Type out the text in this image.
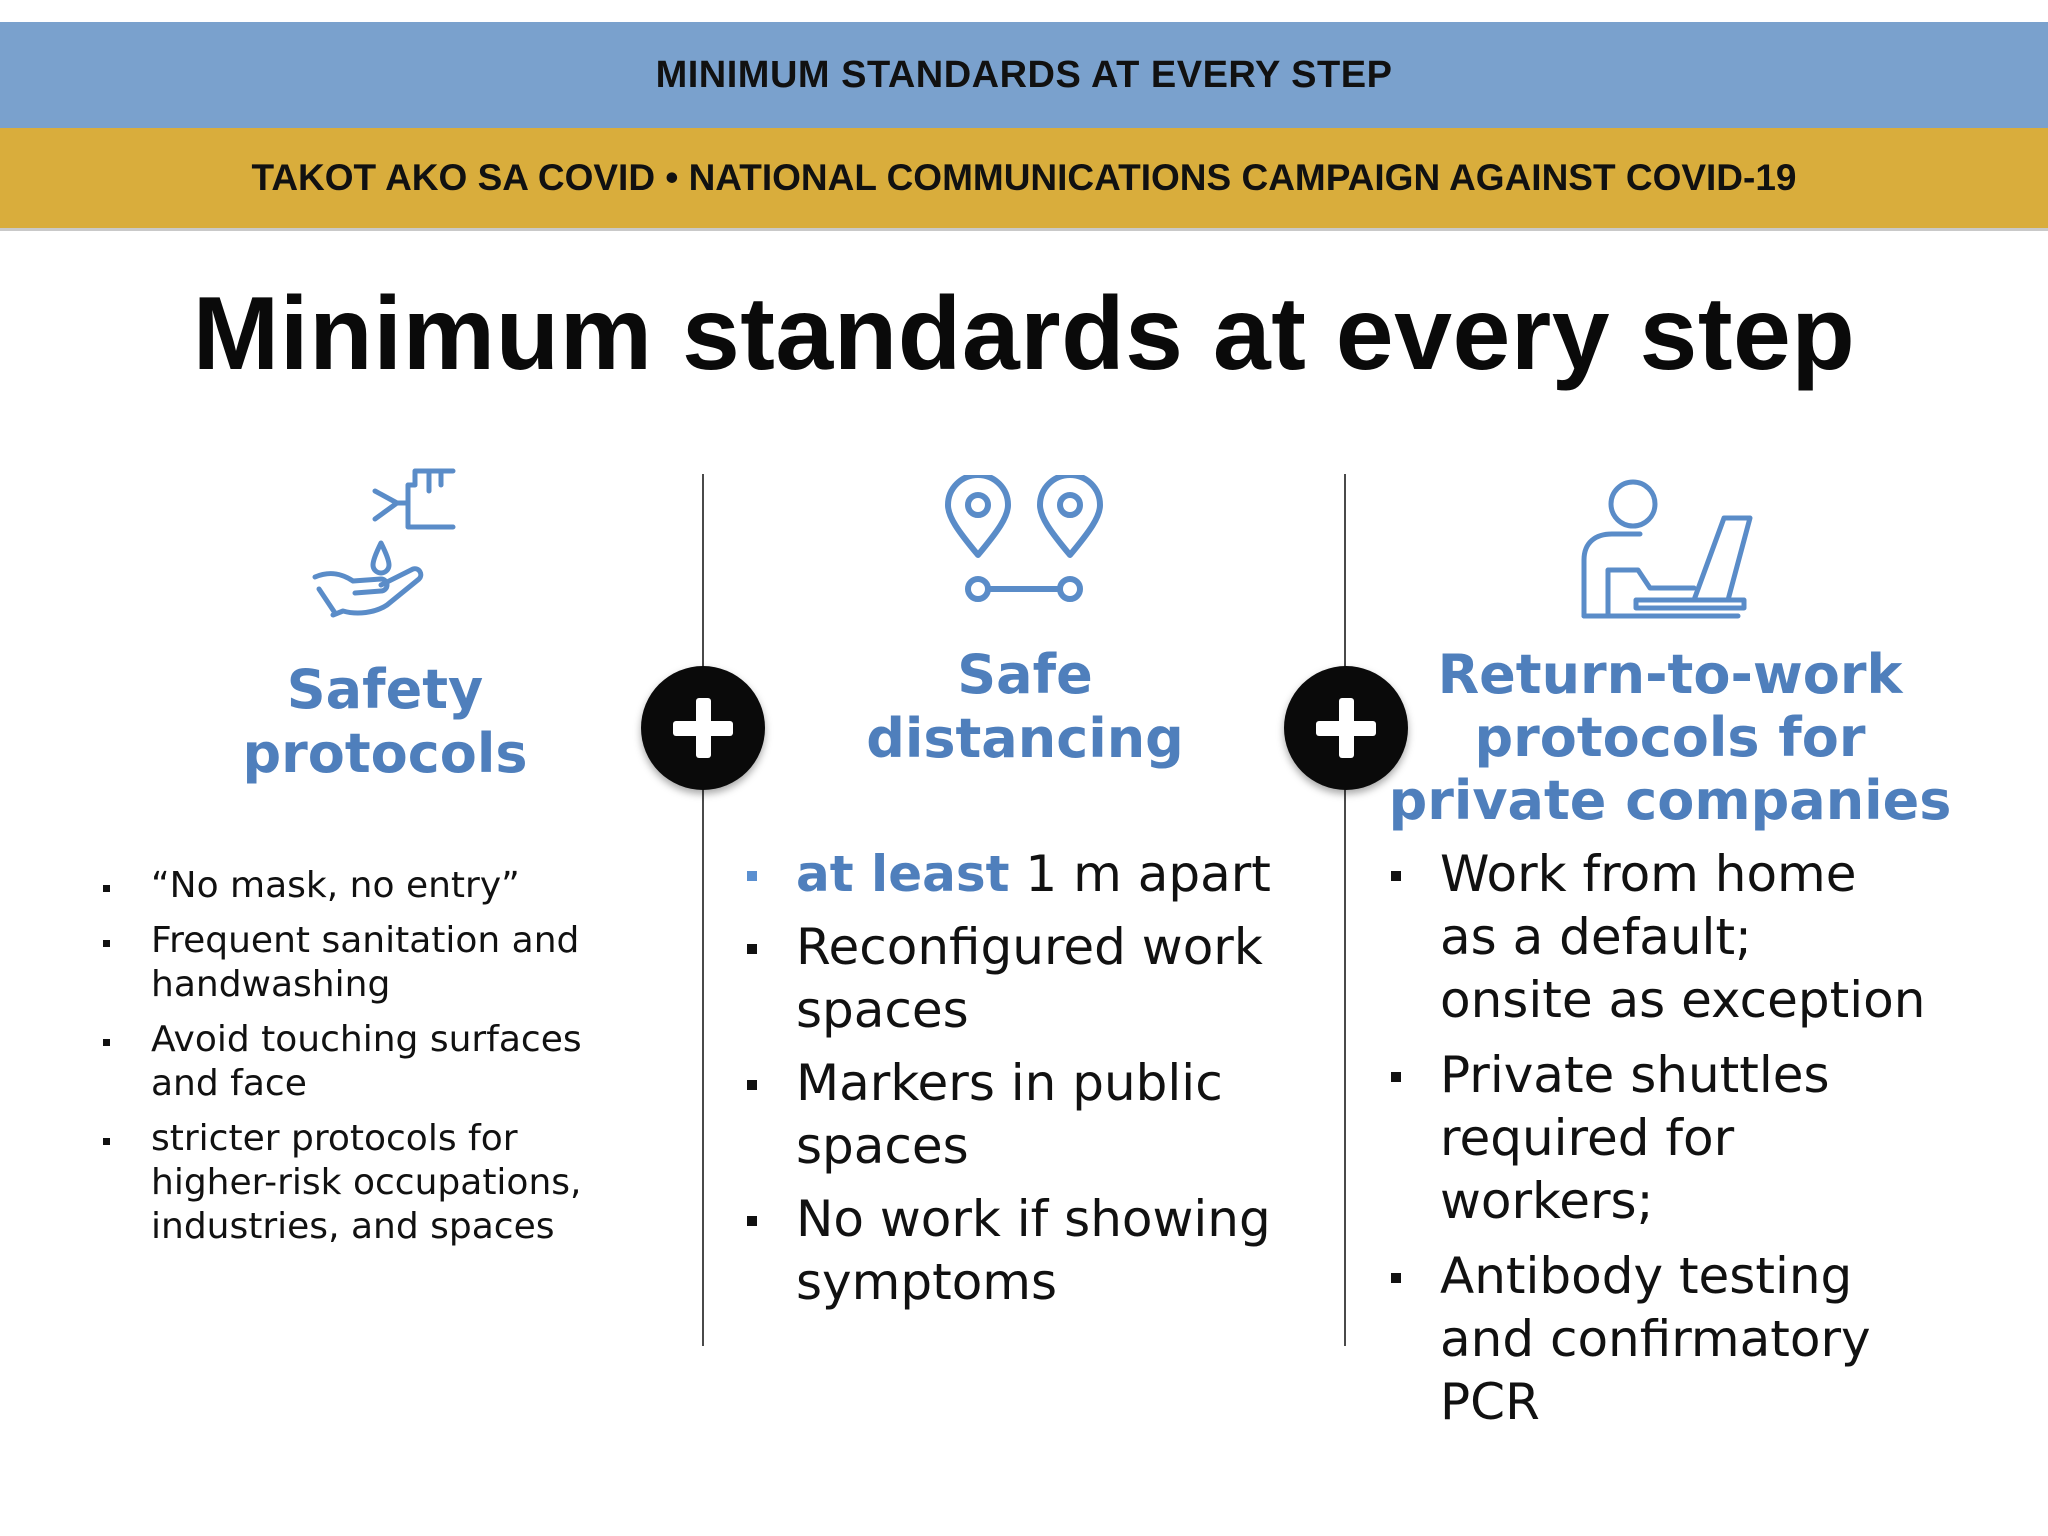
MINIMUM STANDARDS AT EVERY STEP
TAKOT AKO SA COVID • NATIONAL COMMUNICATIONS CAMPAIGN AGAINST COVID-19
Minimum standards at every step
Safety
protocols
“No mask, no entry”
Frequent sanitation and
handwashing
Avoid touching surfaces
and face
stricter protocols for
higher-risk occupations,
industries, and spaces
Safe
distancing
at least 1 m apart
Reconfigured work
spaces
Markers in public
spaces
No work if showing
symptoms
Return-to-work
protocols for
private companies
Work from home
as a default;
onsite as exception
Private shuttles
required for
workers;
Antibody testing
and confirmatory
PCR
